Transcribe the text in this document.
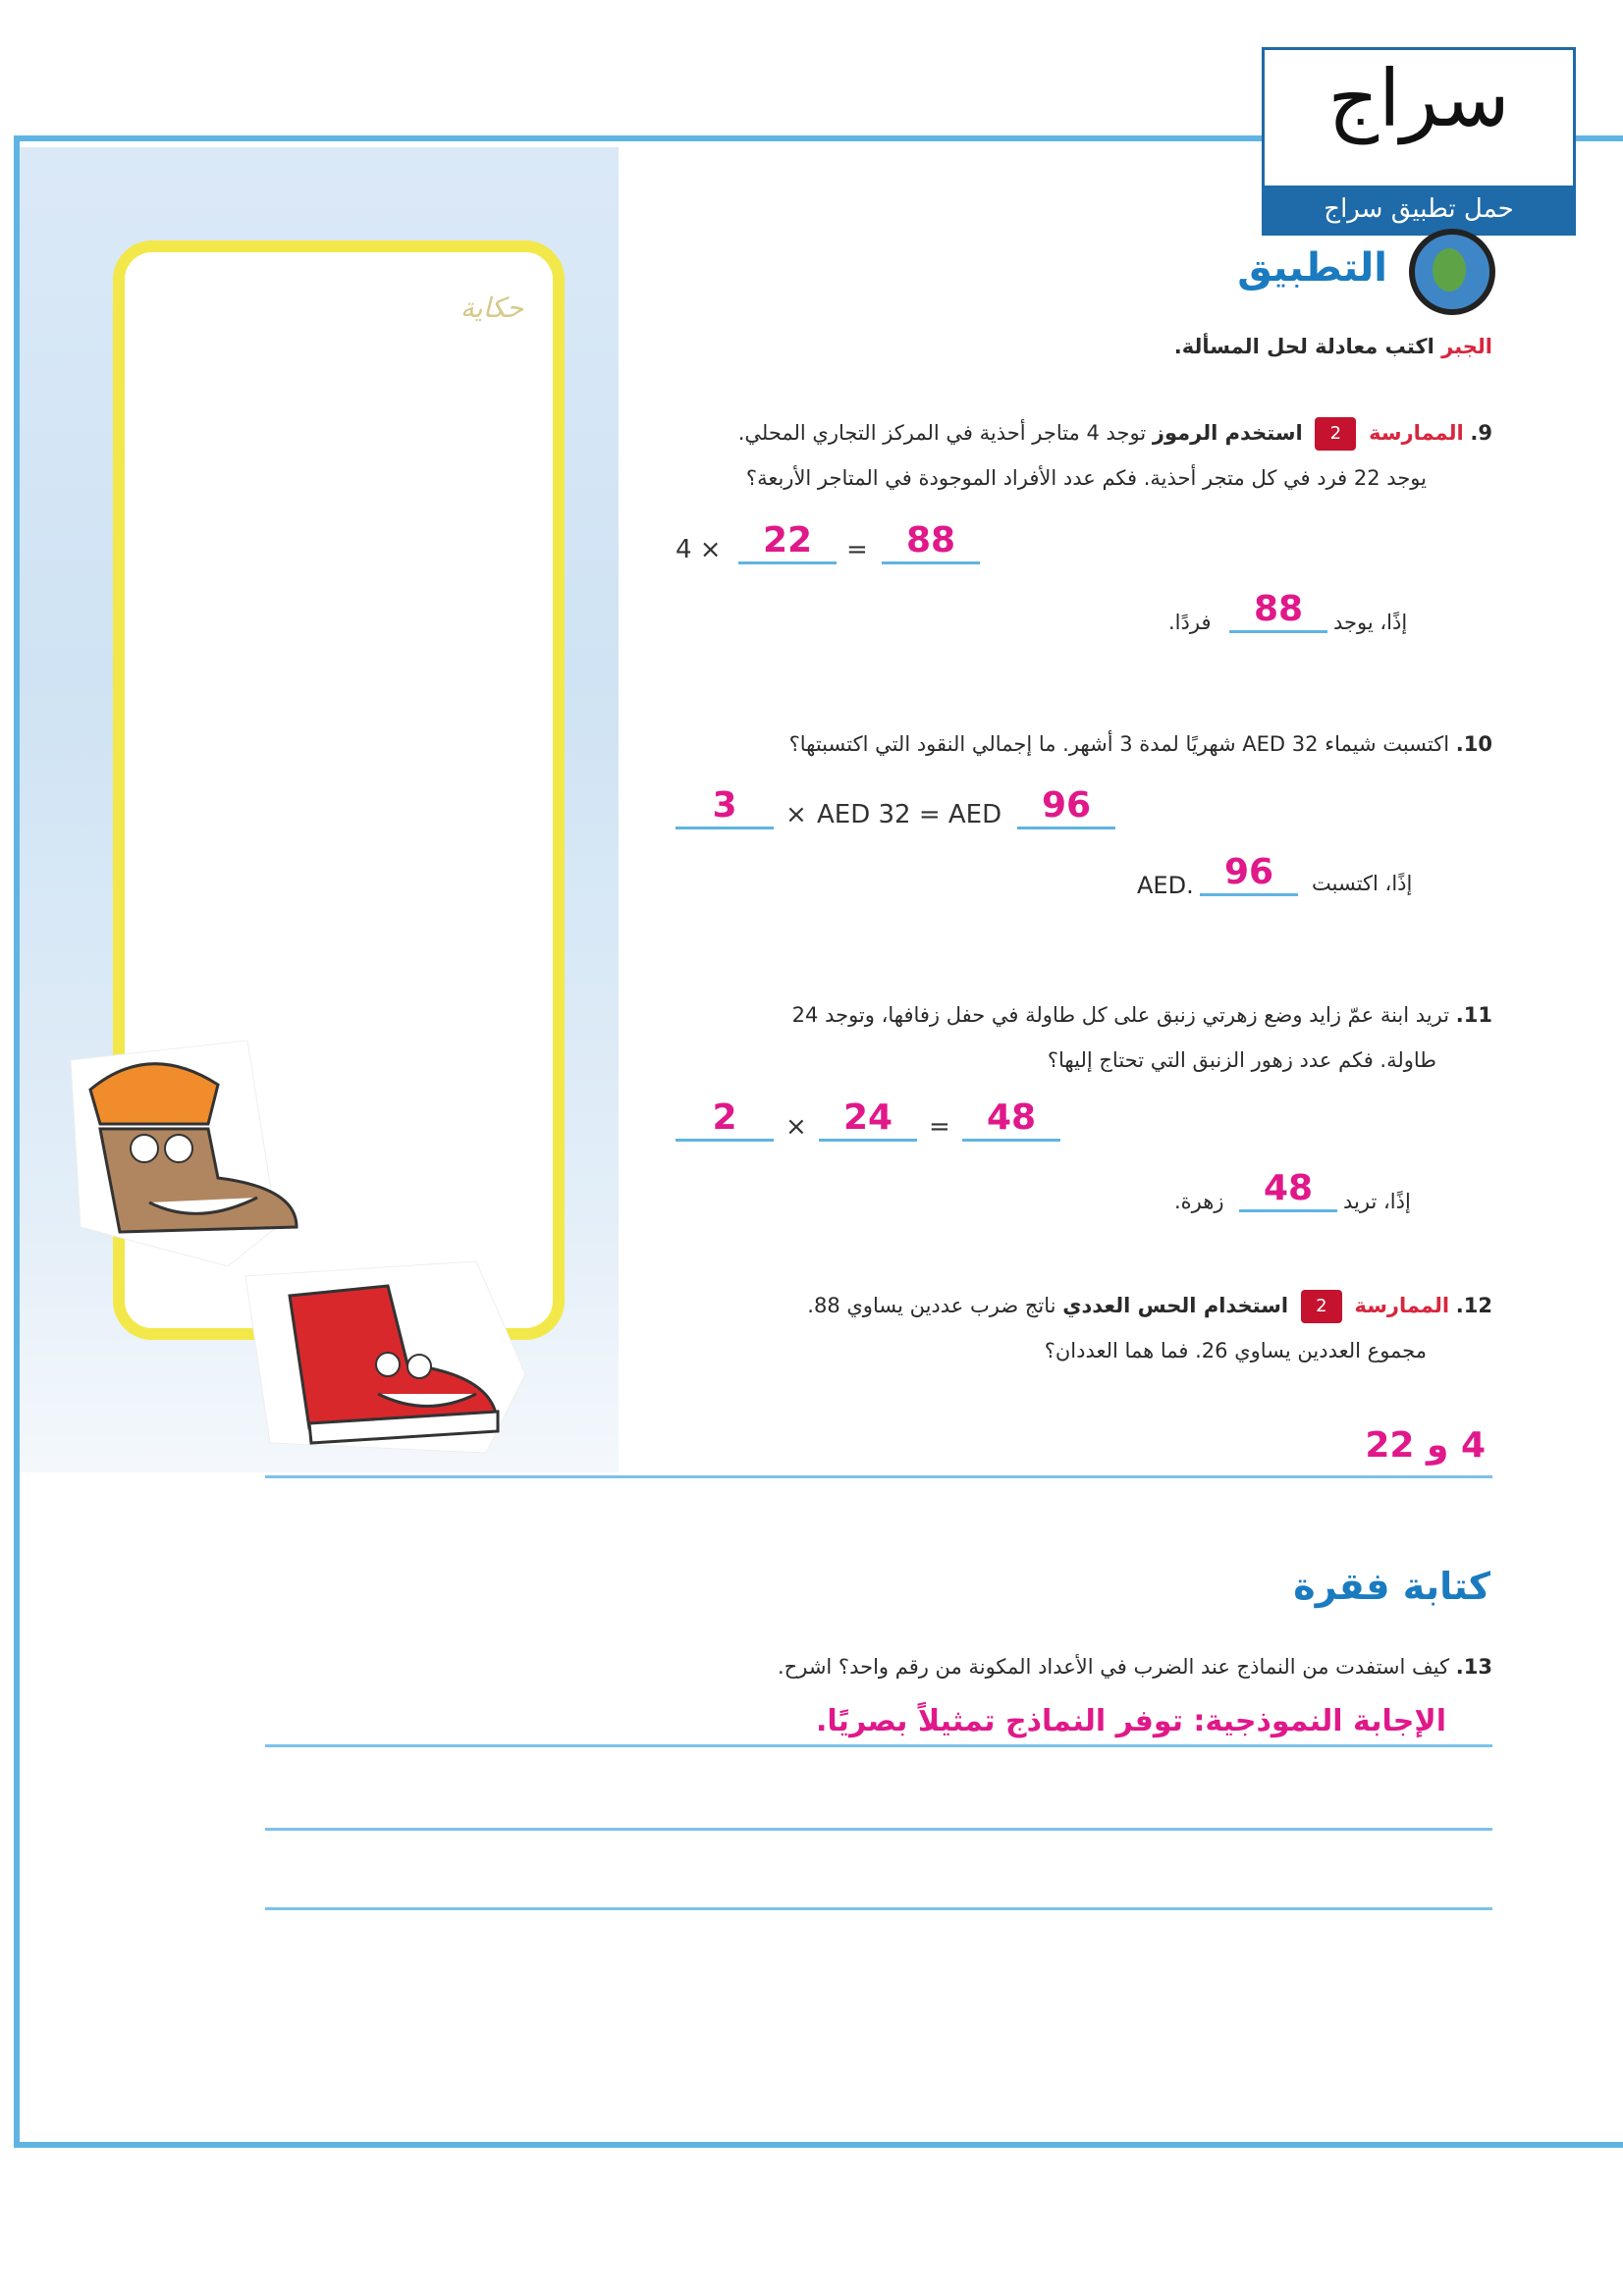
حكاية
سراج
حمل تطبيق سراج
التطبيق
الجبر اكتب معادلة لحل المسألة.
9. الممارسة 2 استخدم الرموز توجد 4 متاجر أحذية في المركز التجاري المحلي.
يوجد 22 فرد في كل متجر أحذية. فكم عدد الأفراد الموجودة في المتاجر الأربعة؟
4 ×	22	=	88
إذًا، يوجد
88
فردًا.
10. اكتسبت شيماء 32 AED شهريًا لمدة 3 أشهر. ما إجمالي النقود التي اكتسبتها؟
3	× AED 32 = AED	96
إذًا، اكتسبت
96
AED.
11. تريد ابنة عمّ زايد وضع زهرتي زنبق على كل طاولة في حفل زفافها، وتوجد 24
طاولة. فكم عدد زهور الزنبق التي تحتاج إليها؟
2	×	24	=	48
إذًا، تريد
48
زهرة.
12. الممارسة 2 استخدام الحس العددي ناتج ضرب عددين يساوي 88.
مجموع العددين يساوي 26. فما هما العددان؟
4 و 22
كتابة فقرة
13. كيف استفدت من النماذج عند الضرب في الأعداد المكونة من رقم واحد؟ اشرح.
الإجابة النموذجية: توفر النماذج تمثيلاً بصريًا.
